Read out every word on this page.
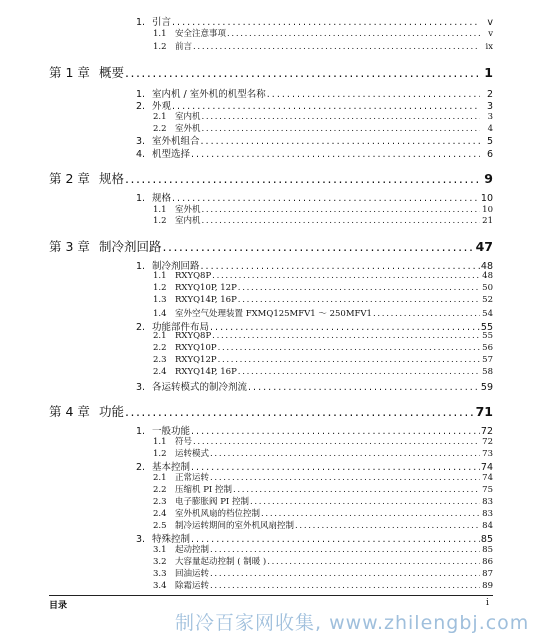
1. 引言 . . .	v
1.1 安全注意事项 . . .	v
1.2 前言 . . .	ix
第 1 章 概要 .....	1
1. 室内机 / 室外机的机型名称 . . .	2
2. 外观 . . .	3
2.1 室内机 . . .	3
2.2 室外机 . . .	4
3. 室外机组合 . . .	5
4. 机型选择 . . .	6
第 2 章 规格 .....	9
1. 规格 . . .	10
1.1 室外机 . . .	10
1.2 室内机 . . .	21
第 3 章 制冷剂回路 .....	47
1. 制冷剂回路 . . .	48
1.1 RXYQ8P . . .	48
1.2 RXYQ10P, 12P . . .	50
1.3 RXYQ14P, 16P . . .	52
1.4 室外空气处理装置 FXMQ125MFV1 ～ 250MFV1 . . .	54
2. 功能部件布局 . . .	55
2.1 RXYQ8P . . .	55
2.2 RXYQ10P . . .	56
2.3 RXYQ12P . . .	57
2.4 RXYQ14P, 16P . . .	58
3. 各运转模式的制冷剂流 . . .	59
第 4 章 功能 .....	71
1. 一般功能 . . .	72
1.1 符号 . . .	72
1.2 运转模式 . . .	73
2. 基本控制 . . .	74
2.1 正常运转 . . .	74
2.2 压缩机 PI 控制 . . .	75
2.3 电子膨胀阀 PI 控制 . . .	83
2.4 室外机风扇的档位控制 . . .	83
2.5 制冷运转期间的室外机风扇控制 . . .	84
3. 特殊控制 . . .	85
3.1 起动控制 . . .	85
3.2 大容量起动控制 ( 制暖 ) . . .	86
3.3 回油运转 . . .	87
3.4 除霜运转 . . .	89
目录	i
制冷百家网收集, www.zhilengbj.com
